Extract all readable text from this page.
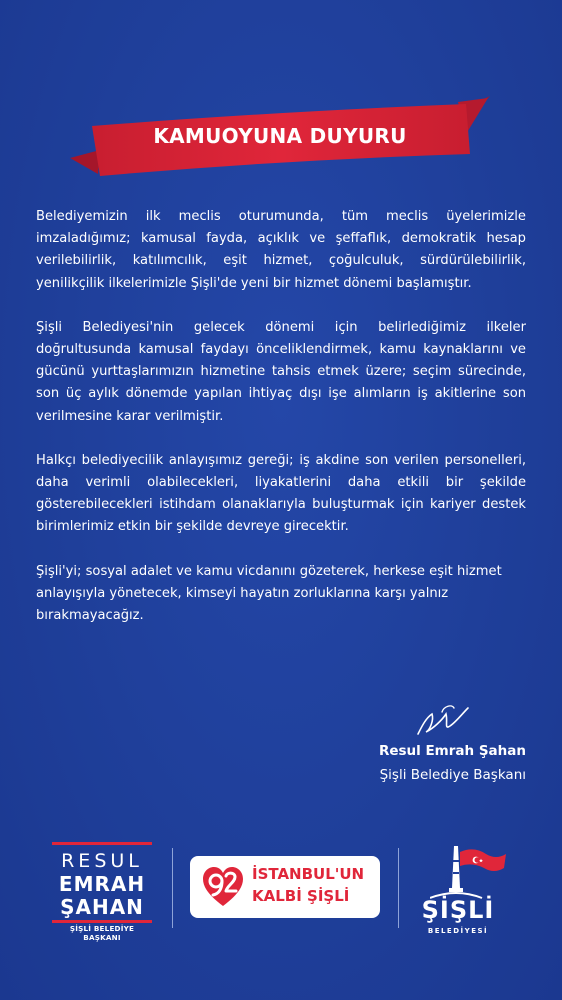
KAMUOYUNA DUYURU

Belediyemizin ilk meclis oturumunda, tüm meclis üyelerimizle imzaladığımız; kamusal fayda, açıklık ve şeffaflık, demokratik hesap verilebilirlik, katılımcılık, eşit hizmet, çoğulculuk, sürdürülebilirlik, yenilikçilik ilkelerimizle Şişli'de yeni bir hizmet dönemi başlamıştır.

Şişli Belediyesi'nin gelecek dönemi için belirlediğimiz ilkeler doğrultusunda kamusal faydayı önceliklendirmek, kamu kaynaklarını ve gücünü yurttaşlarımızın hizmetine tahsis etmek üzere; seçim sürecinde, son üç aylık dönemde yapılan ihtiyaç dışı işe alımların iş akitlerine son verilmesine karar verilmiştir.

Halkçı belediyecilik anlayışımız gereği; iş akdine son verilen personelleri, daha verimli olabilecekleri, liyakatlerini daha etkili bir şekilde gösterebilecekleri istihdam olanaklarıyla buluşturmak için kariyer destek birimlerimiz etkin bir şekilde devreye girecektir.

Şişli'yi; sosyal adalet ve kamu vicdanını gözeterek, herkese eşit hizmet anlayışıyla yönetecek, kimseyi hayatın zorluklarına karşı yalnız bırakmayacağız.

Resul Emrah Şahan
Şişli Belediye Başkanı
RESUL
EMRAH
ŞAHAN
ŞİŞLİ BELEDİYE BAŞKANI
İSTANBUL'UN
KALBİ ŞİŞLİ	ŞİŞLİ
BELEDİYESİ
